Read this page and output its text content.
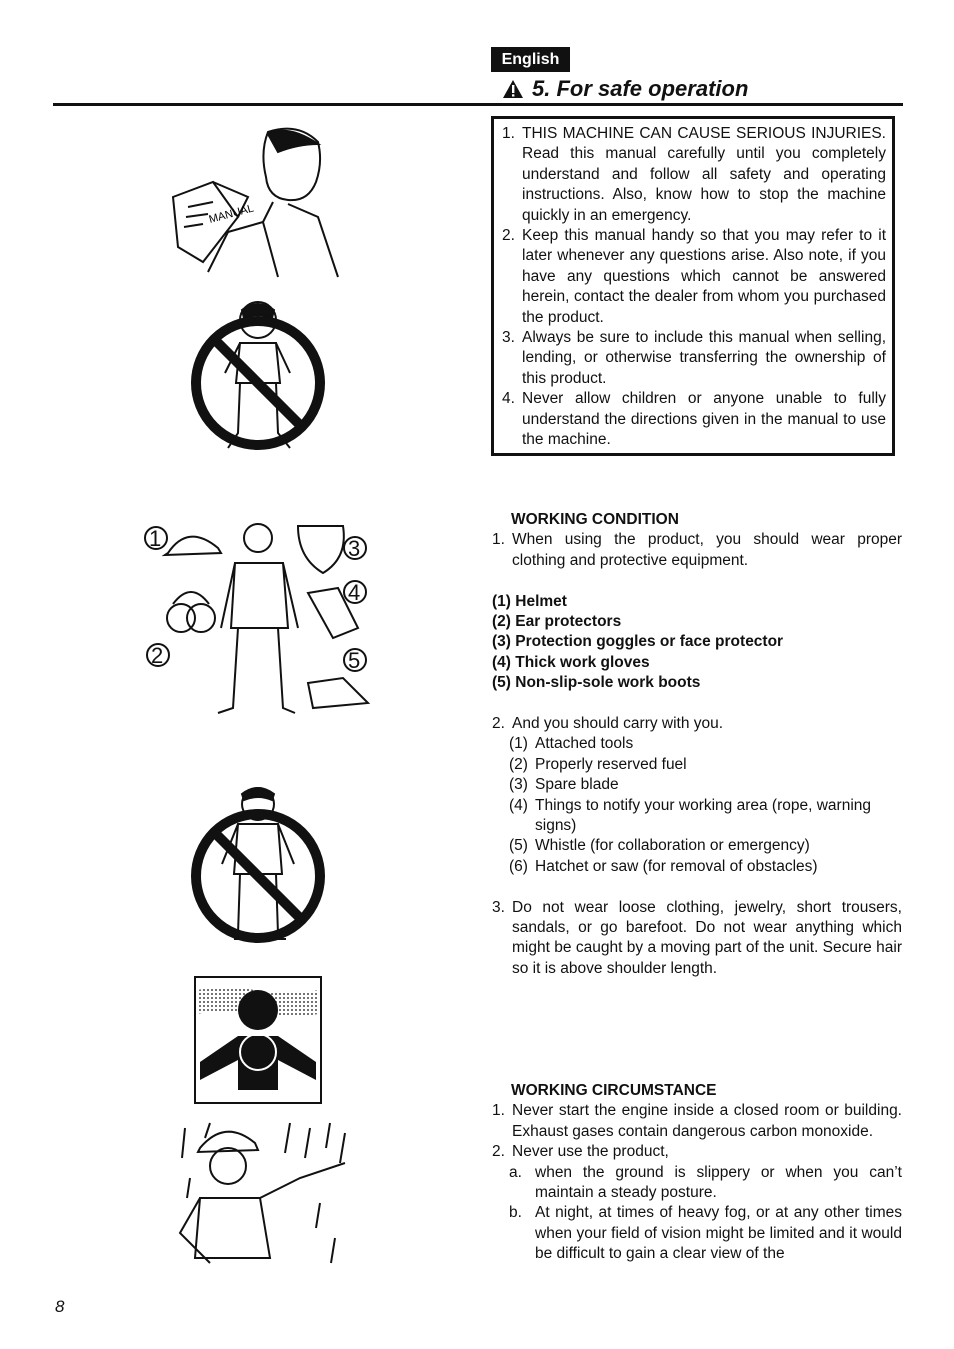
English
5. For safe operation
MANUAL
1
2
3
4
5
1. THIS MACHINE CAN CAUSE SERIOUS INJURIES. Read this manual carefully until you completely understand and follow all safety and operating instructions. Also, know how to stop the machine quickly in an emergency.
2. Keep this manual handy so that you may refer to it later whenever any questions arise. Also note, if you have any questions which cannot be answered herein, contact the dealer from whom you purchased the product.
3. Always be sure to include this manual when selling, lending, or otherwise transferring the ownership of this product.
4. Never allow children or anyone unable to fully understand the directions given in the manual to use the machine.
WORKING CONDITION
1. When using the product, you should wear proper clothing and protective equipment.
(1) Helmet
(2) Ear protectors
(3) Protection goggles or face protector
(4) Thick work gloves
(5) Non-slip-sole work boots
2. And you should carry with you.
(1) Attached tools
(2) Properly reserved fuel
(3) Spare blade
(4) Things to notify your working area (rope, warning signs)
(5) Whistle (for collaboration or emergency)
(6) Hatchet or saw (for removal of obstacles)
3. Do not wear loose clothing, jewelry, short trousers, sandals, or go barefoot. Do not wear anything which might be caught by a moving part of the unit. Secure hair so it is above shoulder length.
WORKING CIRCUMSTANCE
1. Never start the engine inside a closed room or building. Exhaust gases contain dangerous carbon monoxide.
2. Never use the product,
a. when the ground is slippery or when you can’t maintain a steady posture.
b. At night, at times of heavy fog, or at any other times when your field of vision might be limited and it would be difficult to gain a clear view of the
8
